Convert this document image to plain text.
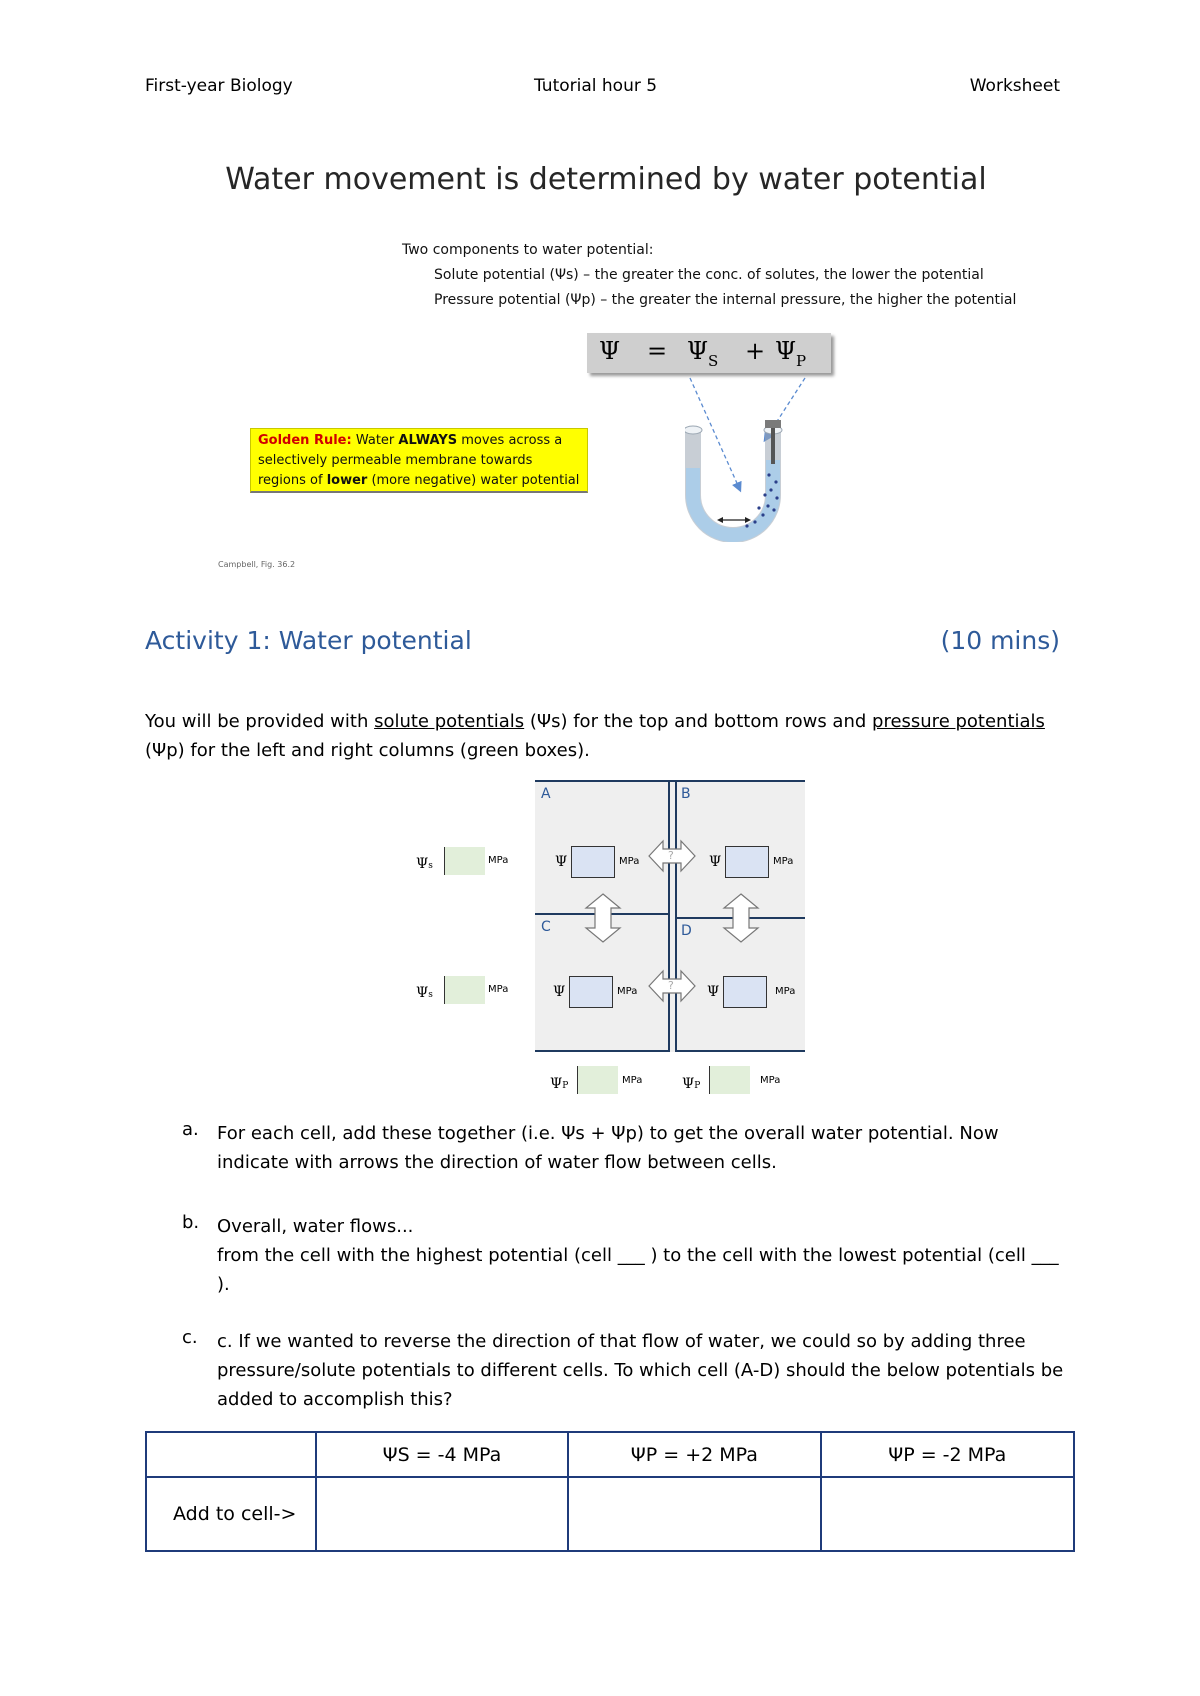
First-year Biology	Tutorial hour 5	Worksheet
Water movement is determined by water potential
Two components to water potential:
Solute potential (Ψs) – the greater the conc. of solutes, the lower the potential
Pressure potential (Ψp) – the greater the internal pressure, the higher the potential
$\Psi = \Psi_S + \Psi_P$
Golden Rule: Water ALWAYS moves across a selectively permeable membrane towards regions of lower (more negative) water potential
Campbell, Fig. 36.2
Activity 1: Water potential	(10 mins)
You will be provided with solute potentials (Ψs) for the top and bottom rows and pressure potentials (Ψp) for the left and right columns (green boxes).
Ψs	MPa
Ψs	MPa
A	B
C	D
Ψ	MPa	Ψ	MPa
Ψ	MPa	Ψ	MPa
?
?
ΨP	MPa	ΨP	MPa
a. For each cell, add these together (i.e. Ψs + Ψp) to get the overall water potential. Now indicate with arrows the direction of water flow between cells.
b. Overall, water flows...
from the cell with the highest potential (cell ___ ) to the cell with the lowest potential (cell ___ ).
c. c. If we wanted to reverse the direction of that flow of water, we could so by adding three pressure/solute potentials to different cells. To which cell (A-D) should the below potentials be added to accomplish this?
	ΨS = -4 MPa	ΨP = +2 MPa	ΨP = -2 MPa
Add to cell->			
